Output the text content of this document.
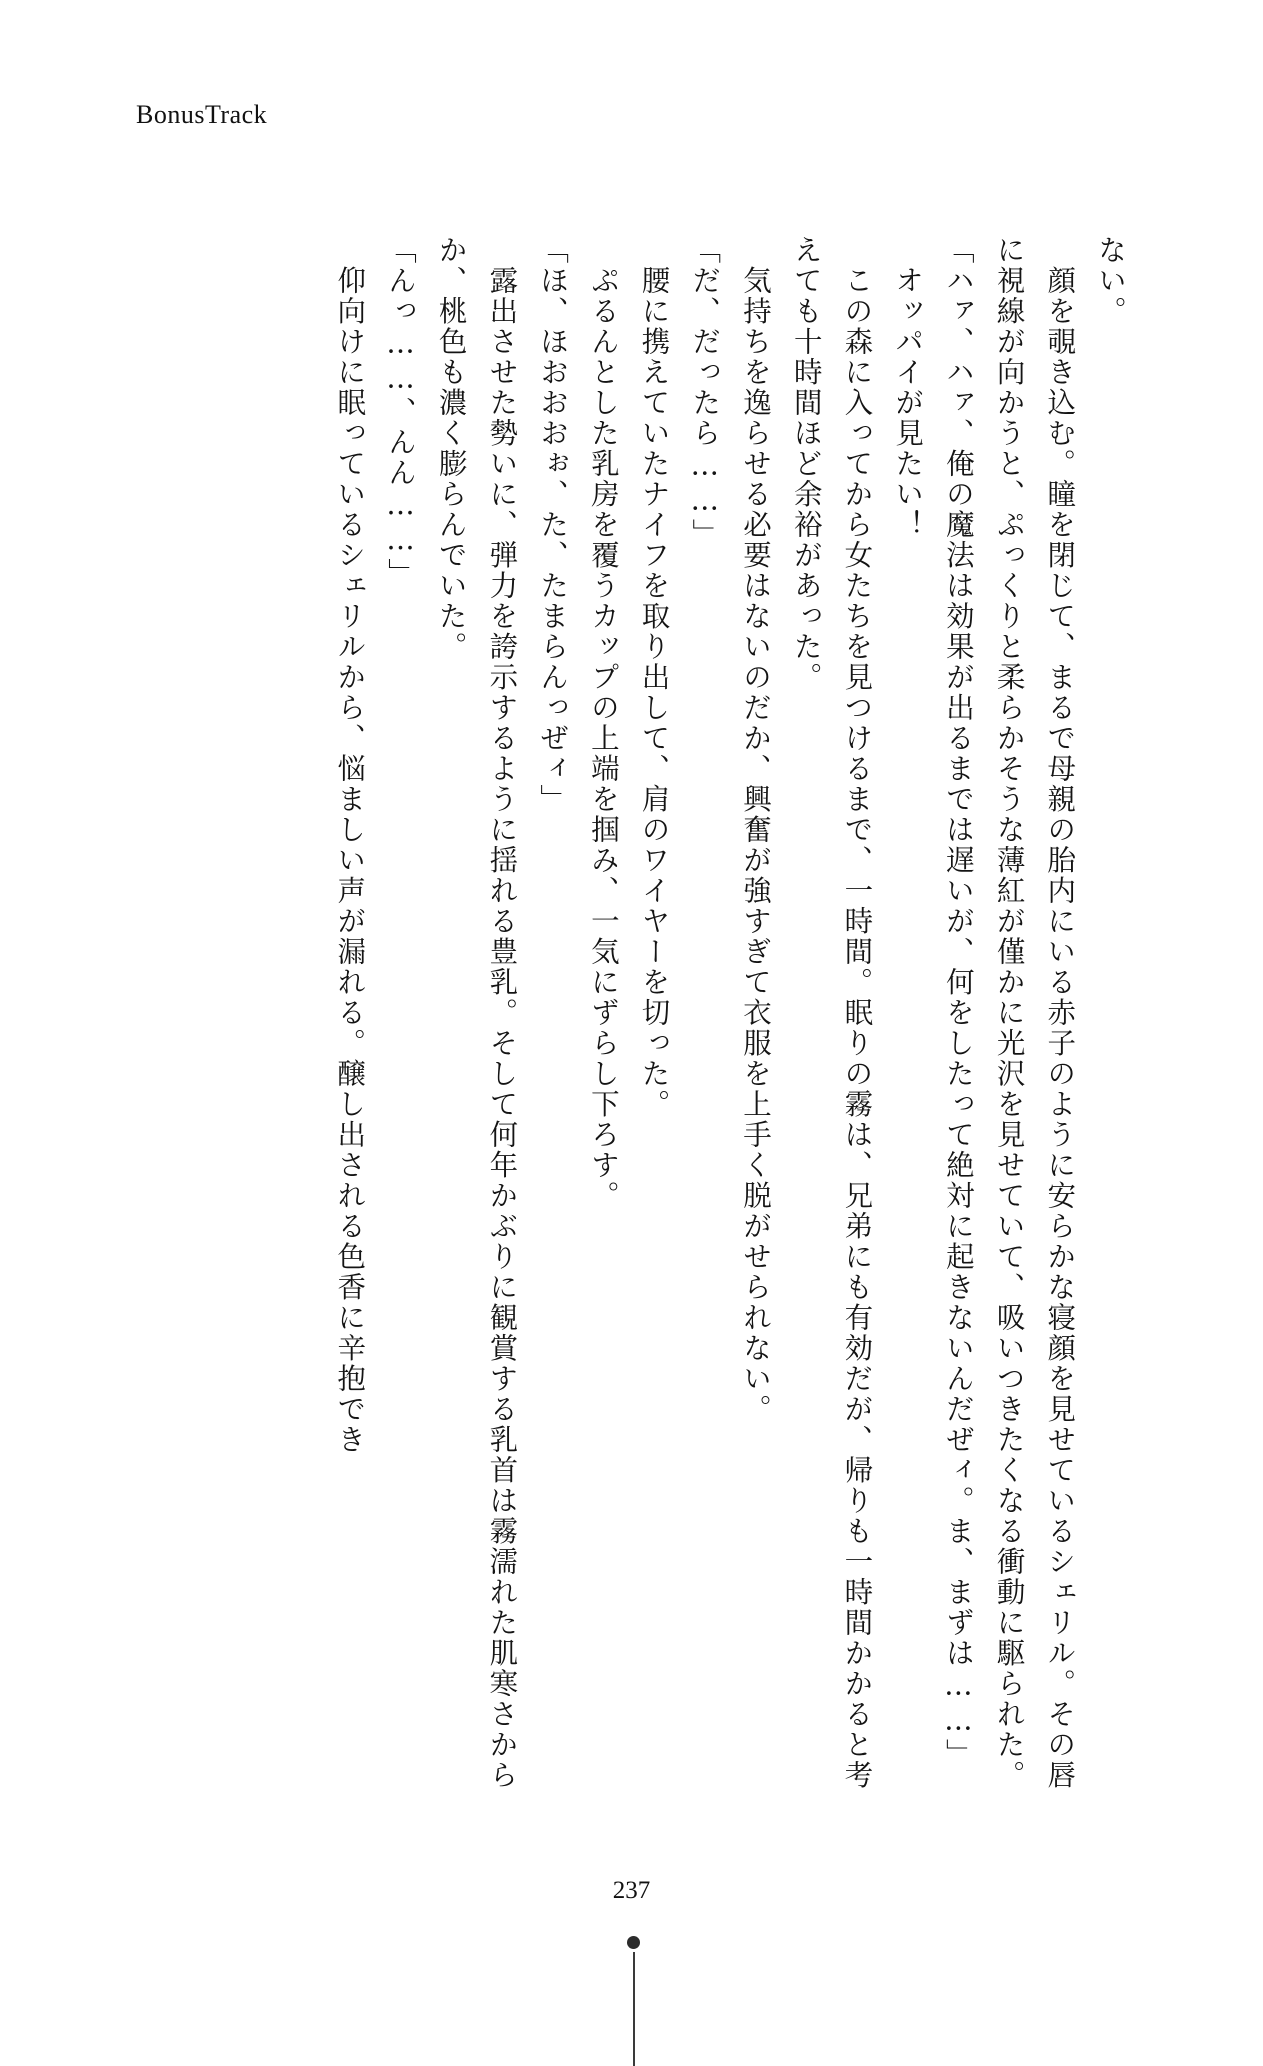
BonusTrack

ない。

　顔を覗き込む。瞳を閉じて、まるで母親の胎内にいる赤子のように安らかな寝顔を見せているシェリル。その唇に視線が向かうと、ぷっくりと柔らかそうな薄紅が僅かに光沢を見せていて、吸いつきたくなる衝動に駆られた。

「ハァ、ハァ、俺の魔法は効果が出るまでは遅いが、何をしたって絶対に起きないんだぜィ。ま、まずは……」

　オッパイが見たい！

　この森に入ってから女たちを見つけるまで、一時間。眠りの霧は、兄弟にも有効だが、帰りも一時間かかると考えても十時間ほど余裕があった。

　気持ちを逸らせる必要はないのだか、興奮が強すぎて衣服を上手く脱がせられない。

「だ、だったら……」

　腰に携えていたナイフを取り出して、肩のワイヤーを切った。

　ぷるんとした乳房を覆うカップの上端を掴み、一気にずらし下ろす。

「ほ、ほおおおぉ、た、たまらんっぜィ」

　露出させた勢いに、弾力を誇示するように揺れる豊乳。そして何年かぶりに観賞する乳首は霧濡れた肌寒さからか、桃色も濃く膨らんでいた。

「んっ……、んん……」

　仰向けに眠っているシェリルから、悩ましい声が漏れる。醸し出される色香に辛抱でき

237
